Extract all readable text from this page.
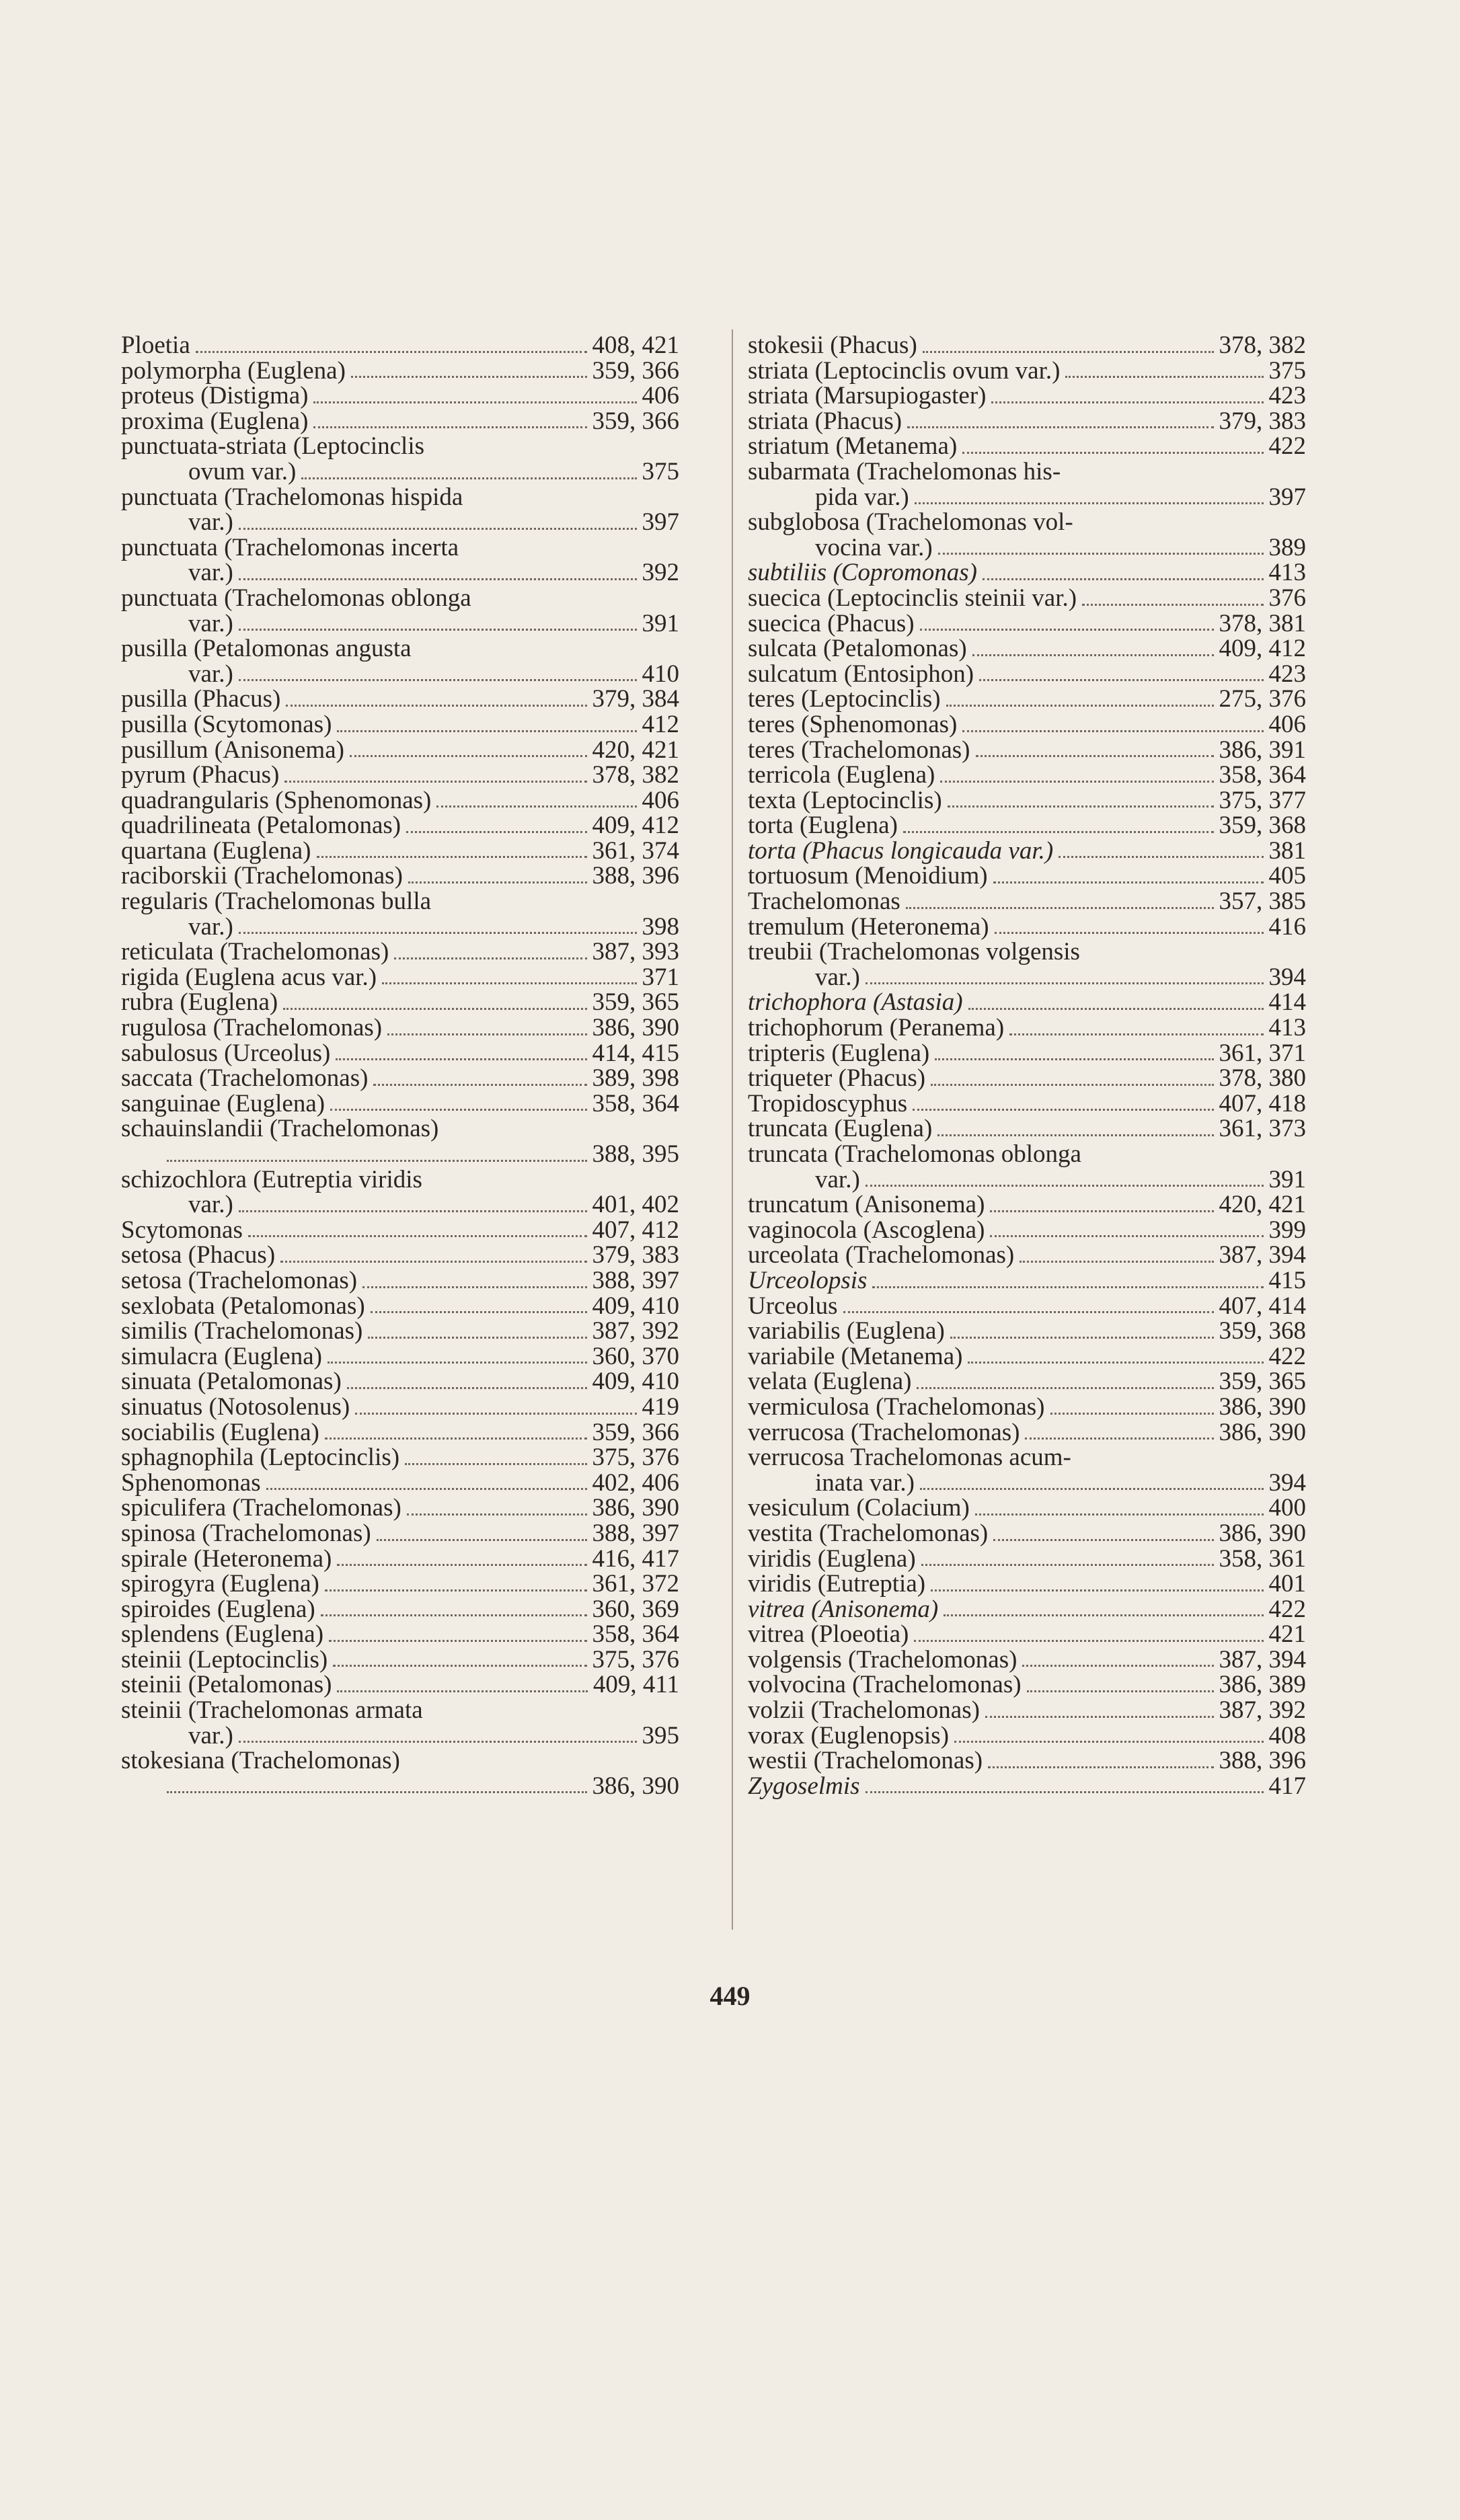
Ploetia	408, 421
polymorpha (Euglena)	359, 366
proteus (Distigma)	406
proxima (Euglena)	359, 366
punctuata-striata (Leptocinclis
ovum var.)	375
punctuata (Trachelomonas hispida
var.)	397
punctuata (Trachelomonas incerta
var.)	392
punctuata (Trachelomonas oblonga
var.)	391
pusilla (Petalomonas angusta
var.)	410
pusilla (Phacus)	379, 384
pusilla (Scytomonas)	412
pusillum (Anisonema)	420, 421
pyrum (Phacus)	378, 382
quadrangularis (Sphenomonas)	406
quadrilineata (Petalomonas)	409, 412
quartana (Euglena)	361, 374
raciborskii (Trachelomonas)	388, 396
regularis (Trachelomonas bulla
var.)	398
reticulata (Trachelomonas)	387, 393
rigida (Euglena acus var.)	371
rubra (Euglena)	359, 365
rugulosa (Trachelomonas)	386, 390
sabulosus (Urceolus)	414, 415
saccata (Trachelomonas)	389, 398
sanguinae (Euglena)	358, 364
schauinslandii (Trachelomonas)
388, 395
schizochlora (Eutreptia viridis
var.)	401, 402
Scytomonas	407, 412
setosa (Phacus)	379, 383
setosa (Trachelomonas)	388, 397
sexlobata (Petalomonas)	409, 410
similis (Trachelomonas)	387, 392
simulacra (Euglena)	360, 370
sinuata (Petalomonas)	409, 410
sinuatus (Notosolenus)	419
sociabilis (Euglena)	359, 366
sphagnophila (Leptocinclis)	375, 376
Sphenomonas	402, 406
spiculifera (Trachelomonas)	386, 390
spinosa (Trachelomonas)	388, 397
spirale (Heteronema)	416, 417
spirogyra (Euglena)	361, 372
spiroides (Euglena)	360, 369
splendens (Euglena)	358, 364
steinii (Leptocinclis)	375, 376
steinii (Petalomonas)	409, 411
steinii (Trachelomonas armata
var.)	395
stokesiana (Trachelomonas)
386, 390
stokesii (Phacus)	378, 382
striata (Leptocinclis ovum var.)	375
striata (Marsupiogaster)	423
striata (Phacus)	379, 383
striatum (Metanema)	422
subarmata (Trachelomonas his-
pida var.)	397
subglobosa (Trachelomonas vol-
vocina var.)	389
subtiliis (Copromonas)	413
suecica (Leptocinclis steinii var.)	376
suecica (Phacus)	378, 381
sulcata (Petalomonas)	409, 412
sulcatum (Entosiphon)	423
teres (Leptocinclis)	275, 376
teres (Sphenomonas)	406
teres (Trachelomonas)	386, 391
terricola (Euglena)	358, 364
texta (Leptocinclis)	375, 377
torta (Euglena)	359, 368
torta (Phacus longicauda var.)	381
tortuosum (Menoidium)	405
Trachelomonas	357, 385
tremulum (Heteronema)	416
treubii (Trachelomonas volgensis
var.)	394
trichophora (Astasia)	414
trichophorum (Peranema)	413
tripteris (Euglena)	361, 371
triqueter (Phacus)	378, 380
Tropidoscyphus	407, 418
truncata (Euglena)	361, 373
truncata (Trachelomonas oblonga
var.)	391
truncatum (Anisonema)	420, 421
vaginocola (Ascoglena)	399
urceolata (Trachelomonas)	387, 394
Urceolopsis	415
Urceolus	407, 414
variabilis (Euglena)	359, 368
variabile (Metanema)	422
velata (Euglena)	359, 365
vermiculosa (Trachelomonas)	386, 390
verrucosa (Trachelomonas)	386, 390
verrucosa Trachelomonas acum-
inata var.)	394
vesiculum (Colacium)	400
vestita (Trachelomonas)	386, 390
viridis (Euglena)	358, 361
viridis (Eutreptia)	401
vitrea (Anisonema)	422
vitrea (Ploeotia)	421
volgensis (Trachelomonas)	387, 394
volvocina (Trachelomonas)	386, 389
volzii (Trachelomonas)	387, 392
vorax (Euglenopsis)	408
westii (Trachelomonas)	388, 396
Zygoselmis	417
449
